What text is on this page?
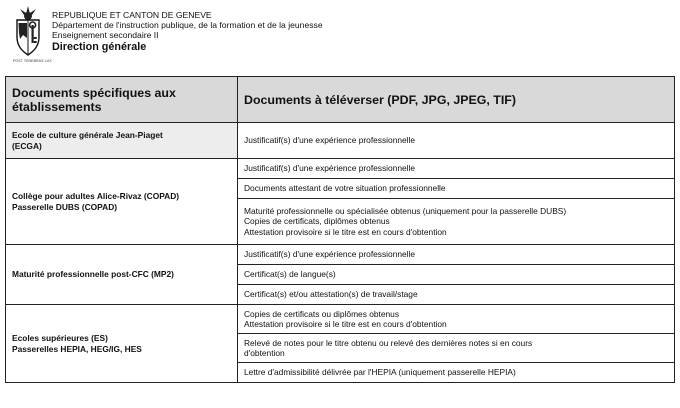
POST TENEBRAS LUX
REPUBLIQUE ET CANTON DE GENEVE
Département de l'instruction publique, de la formation et de la jeunesse
Enseignement secondaire II
Direction générale
Documents spécifiques aux établissements	Documents à téléverser (PDF, JPG, JPEG, TIF)

Ecole de culture générale Jean-Piaget
(ECGA)	Justificatif(s) d'une expérience professionnelle

Collège pour adultes Alice-Rivaz (COPAD)
Passerelle DUBS (COPAD)	Justificatif(s) d'une expérience professionnelle
	Documents attestant de votre situation professionnelle

	Maturité professionnelle ou spécialisée obtenus (uniquement pour la passerelle DUBS)
Copies de certificats, diplômes obtenus
Attestation provisoire si le titre est en cours d'obtention

Maturité professionnelle post-CFC (MP2)	Justificatif(s) d'une expérience professionnelle
	Certificat(s) de langue(s)
	Certificat(s) et/ou attestation(s) de travail/stage

Ecoles supérieures (ES)
Passerelles HEPIA, HEG/IG, HES	Copies de certificats ou diplômes obtenus
Attestation provisoire si le titre est en cours d'obtention

	Relevé de notes pour le titre obtenu ou relevé des dernières notes si en cours
d'obtention

	Lettre d'admissibilité délivrée par l'HEPIA (uniquement passerelle HEPIA)
